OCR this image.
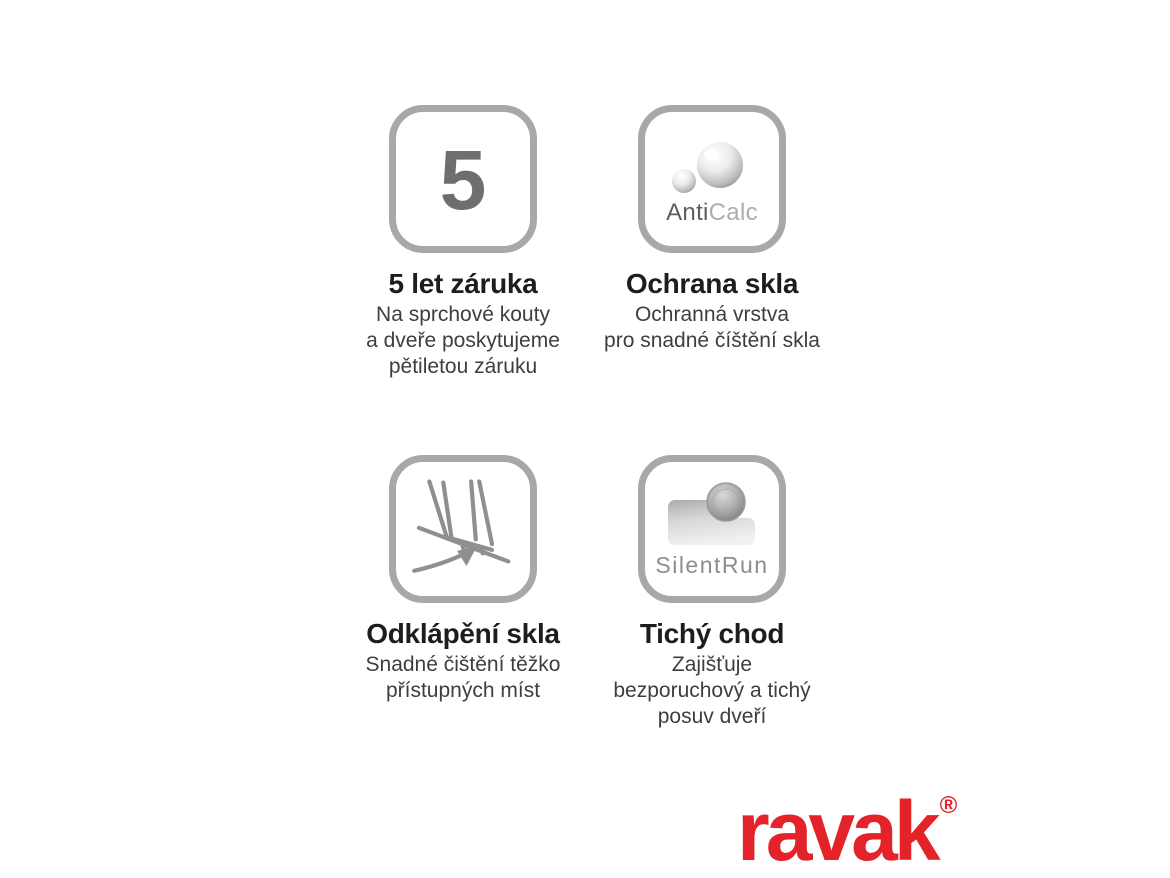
5
5 let záruka
Na sprchové kouty
a dveře poskytujeme
pětiletou záruku
AntiCalc
Ochrana skla
Ochranná vrstva
pro snadné číštění skla
Odklápění skla
Snadné čištění těžko
přístupných míst
SilentRun
Tichý chod
Zajišťuje
bezporuchový a tichý
posuv dveří
ravak ®
